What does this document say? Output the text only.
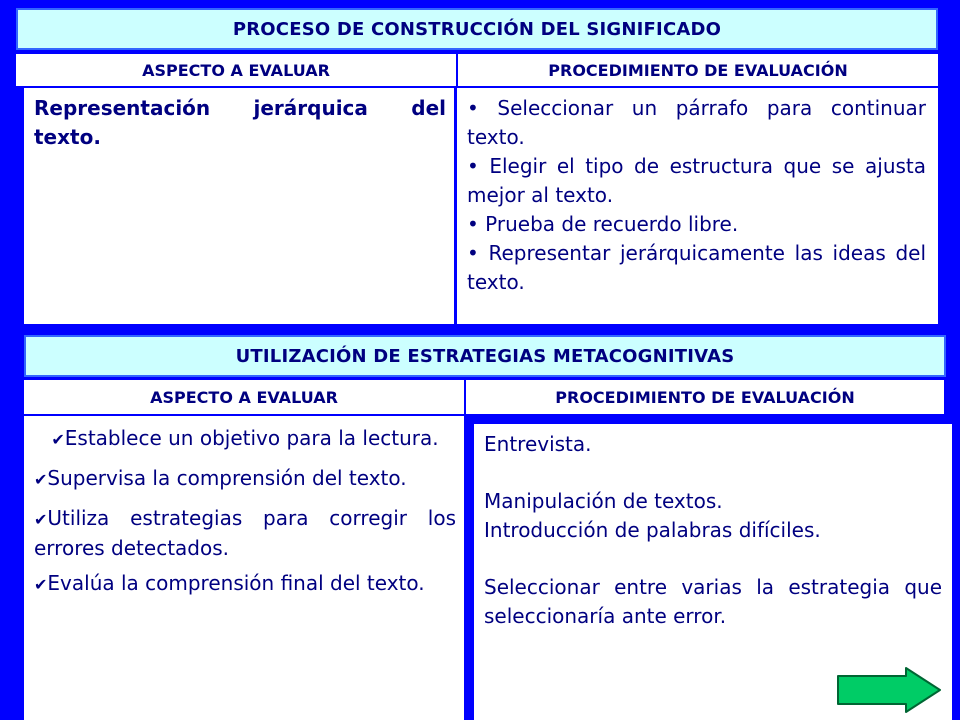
PROCESO DE CONSTRUCCIÓN DEL SIGNIFICADO
ASPECTO A EVALUAR	PROCEDIMIENTO DE EVALUACIÓN

Representación jerárquica del texto.

• Seleccionar un párrafo para continuar texto.

• Elegir el tipo de estructura que se ajusta mejor al texto.

• Prueba de recuerdo libre.

• Representar jerárquicamente las ideas del texto.

UTILIZACIÓN DE ESTRATEGIAS METACOGNITIVAS
ASPECTO A EVALUAR	PROCEDIMIENTO DE EVALUACIÓN

✔Establece un objetivo para la lectura.

✔Supervisa la comprensión del texto.

✔Utiliza estrategias para corregir los errores detectados.

✔Evalúa la comprensión final del texto.

Entrevista.

Manipulación de textos.

Introducción de palabras difíciles.

Seleccionar entre varias la estrategia que seleccionaría ante error.
